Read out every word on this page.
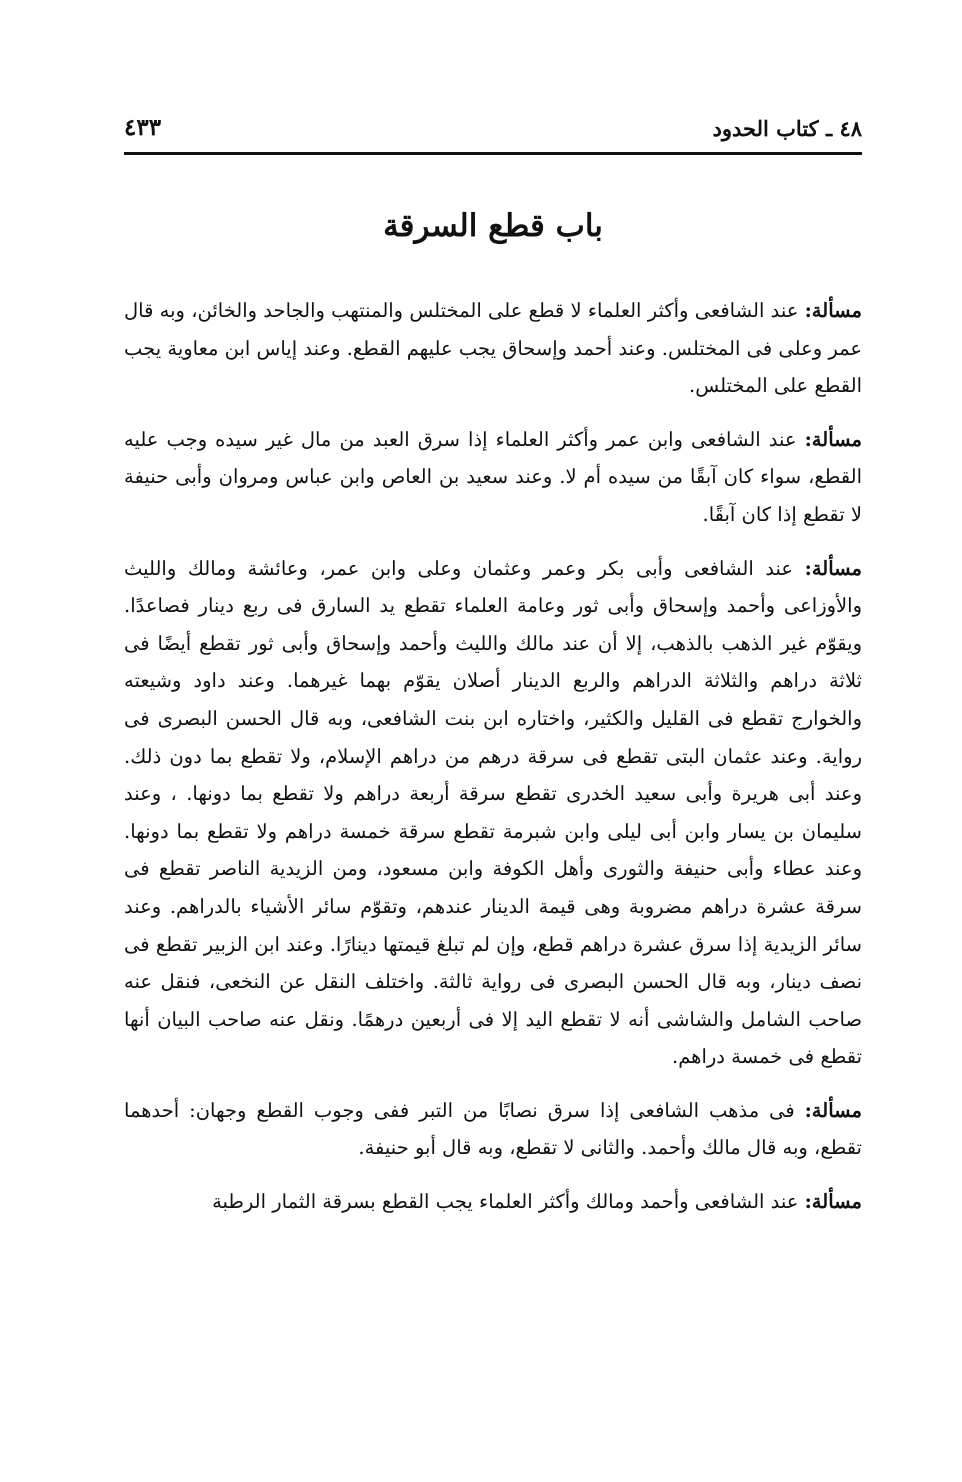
٤٨ ـ كتاب الحدود
٤٣٣
باب قطع السرقة

مسألة: عند الشافعى وأكثر العلماء لا قطع على المختلس والمنتهب والجاحد والخائن، وبه قال عمر وعلى فى المختلس. وعند أحمد وإسحاق يجب عليهم القطع. وعند إياس ابن معاوية يجب القطع على المختلس.

مسألة: عند الشافعى وابن عمر وأكثر العلماء إذا سرق العبد من مال غير سيده وجب عليه القطع، سواء كان آبقًا من سيده أم لا. وعند سعيد بن العاص وابن عباس ومروان وأبى حنيفة لا تقطع إذا كان آبقًا.

مسألة: عند الشافعى وأبى بكر وعمر وعثمان وعلى وابن عمر، وعائشة ومالك والليث والأوزاعى وأحمد وإسحاق وأبى ثور وعامة العلماء تقطع يد السارق فى ربع دينار فصاعدًا. ويقوّم غير الذهب بالذهب، إلا أن عند مالك والليث وأحمد وإسحاق وأبى ثور تقطع أيضًا فى ثلاثة دراهم والثلاثة الدراهم والربع الدينار أصلان يقوّم بهما غيرهما. وعند داود وشيعته والخوارج تقطع فى القليل والكثير، واختاره ابن بنت الشافعى، وبه قال الحسن البصرى فى رواية. وعند عثمان البتى تقطع فى سرقة درهم من دراهم الإسلام، ولا تقطع بما دون ذلك. وعند أبى هريرة وأبى سعيد الخدرى تقطع سرقة أربعة دراهم ولا تقطع بما دونها. ، وعند سليمان بن يسار وابن أبى ليلى وابن شبرمة تقطع سرقة خمسة دراهم ولا تقطع بما دونها. وعند عطاء وأبى حنيفة والثورى وأهل الكوفة وابن مسعود، ومن الزيدية الناصر تقطع فى سرقة عشرة دراهم مضروبة وهى قيمة الدينار عندهم، وتقوّم سائر الأشياء بالدراهم. وعند سائر الزيدية إذا سرق عشرة دراهم قطع، وإن لم تبلغ قيمتها دينارًا. وعند ابن الزبير تقطع فى نصف دينار، وبه قال الحسن البصرى فى رواية ثالثة. واختلف النقل عن النخعى، فنقل عنه صاحب الشامل والشاشى أنه لا تقطع اليد إلا فى أربعين درهمًا. ونقل عنه صاحب البيان أنها تقطع فى خمسة دراهم.

مسألة: فى مذهب الشافعى إذا سرق نصابًا من التبر ففى وجوب القطع وجهان: أحدهما تقطع، وبه قال مالك وأحمد. والثانى لا تقطع، وبه قال أبو حنيفة.

مسألة: عند الشافعى وأحمد ومالك وأكثر العلماء يجب القطع بسرقة الثمار الرطبة
